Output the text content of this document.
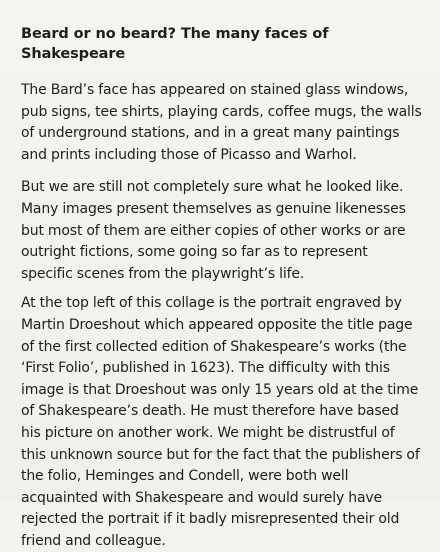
Beard or no beard? The many faces of Shakespeare

The Bard’s face has appeared on stained glass windows, pub signs, tee shirts, playing cards, coffee mugs, the walls of underground stations, and in a great many paintings and prints including those of Picasso and Warhol.

But we are still not completely sure what he looked like. Many images present themselves as genuine likenesses but most of them are either copies of other works or are outright fictions, some going so far as to represent specific scenes from the playwright’s life.

At the top left of this collage is the portrait engraved by Martin Droeshout which appeared opposite the title page of the first collected edition of Shakespeare’s works (the ‘First Folio’, published in 1623). The difficulty with this image is that Droeshout was only 15 years old at the time of Shakespeare’s death. He must therefore have based his picture on another work. We might be distrustful of this unknown source but for the fact that the publishers of the folio, Heminges and Condell, were both well acquainted with Shakespeare and would surely have rejected the portrait if it badly misrepresented their old friend and colleague.
